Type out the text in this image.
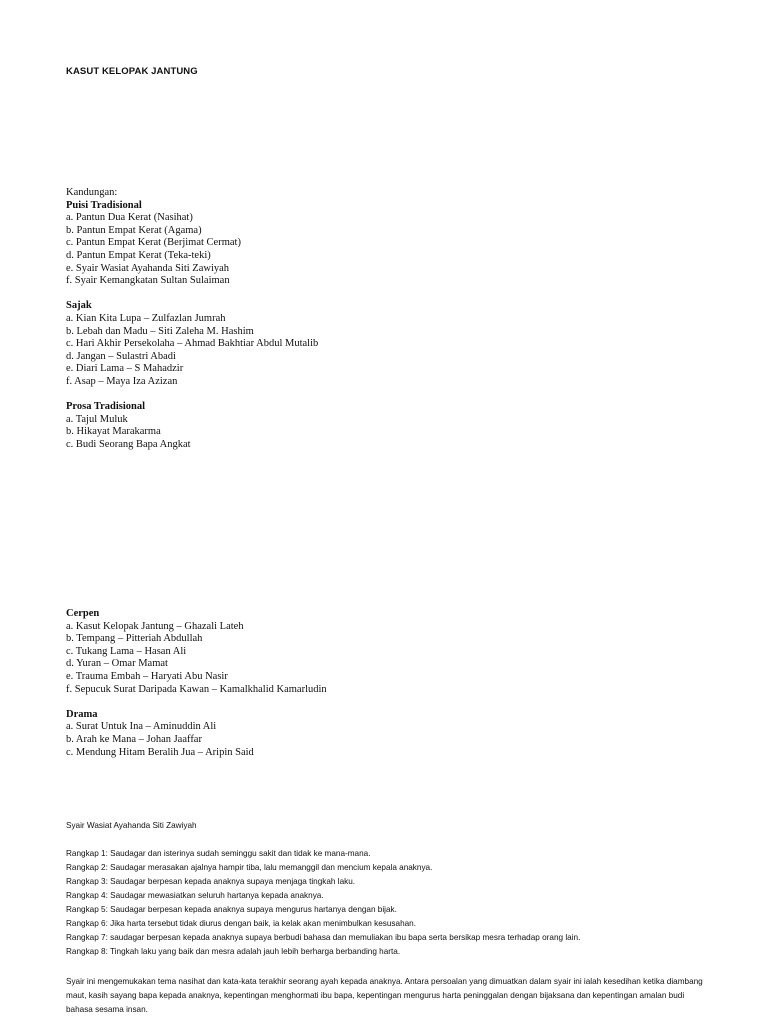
KASUT KELOPAK JANTUNG
Kandungan:
Puisi Tradisional
a. Pantun Dua Kerat (Nasihat)
b. Pantun Empat Kerat (Agama)
c. Pantun Empat Kerat (Berjimat Cermat)
d. Pantun Empat Kerat (Teka-teki)
e. Syair Wasiat Ayahanda Siti Zawiyah
f. Syair Kemangkatan Sultan Sulaiman
Sajak
a. Kian Kita Lupa – Zulfazlan Jumrah
b. Lebah dan Madu – Siti Zaleha M. Hashim
c. Hari Akhir Persekolaha – Ahmad Bakhtiar Abdul Mutalib
d. Jangan – Sulastri Abadi
e. Diari Lama – S Mahadzir
f. Asap – Maya Iza Azizan
Prosa Tradisional
a. Tajul Muluk
b. Hikayat Marakarma
c. Budi Seorang Bapa Angkat
Cerpen
a. Kasut Kelopak Jantung – Ghazali Lateh
b. Tempang – Pitteriah Abdullah
c. Tukang Lama – Hasan Ali
d. Yuran – Omar Mamat
e. Trauma Embah – Haryati Abu Nasir
f. Sepucuk Surat Daripada Kawan – Kamalkhalid Kamarludin
Drama
a. Surat Untuk Ina – Aminuddin Ali
b. Arah ke Mana – Johan Jaaffar
c. Mendung Hitam Beralih Jua – Aripin Said
Syair Wasiat Ayahanda Siti Zawiyah
Rangkap 1: Saudagar dan isterinya sudah seminggu sakit dan tidak ke mana-mana.
Rangkap 2: Saudagar merasakan ajalnya hampir tiba, lalu memanggil dan mencium kepala anaknya.
Rangkap 3: Saudagar berpesan kepada anaknya supaya menjaga tingkah laku.
Rangkap 4: Saudagar mewasiatkan seluruh hartanya kepada anaknya.
Rangkap 5: Saudagar berpesan kepada anaknya supaya mengurus hartanya dengan bijak.
Rangkap 6: Jika harta tersebut tidak diurus dengan baik, ia kelak akan menimbulkan kesusahan.
Rangkap 7: saudagar berpesan kepada anaknya supaya berbudi bahasa dan memuliakan ibu bapa serta bersikap mesra terhadap orang lain.
Rangkap 8: Tingkah laku yang baik dan mesra adalah jauh lebih berharga berbanding harta.
Syair ini mengemukakan tema nasihat dan kata-kata terakhir seorang ayah kepada anaknya. Antara persoalan yang dimuatkan dalam syair ini ialah kesedihan ketika diambang maut, kasih sayang bapa kepada anaknya, kepentingan menghormati ibu bapa, kepentingan mengurus harta peninggalan dengan bijaksana dan kepentingan amalan budi bahasa sesama insan.
